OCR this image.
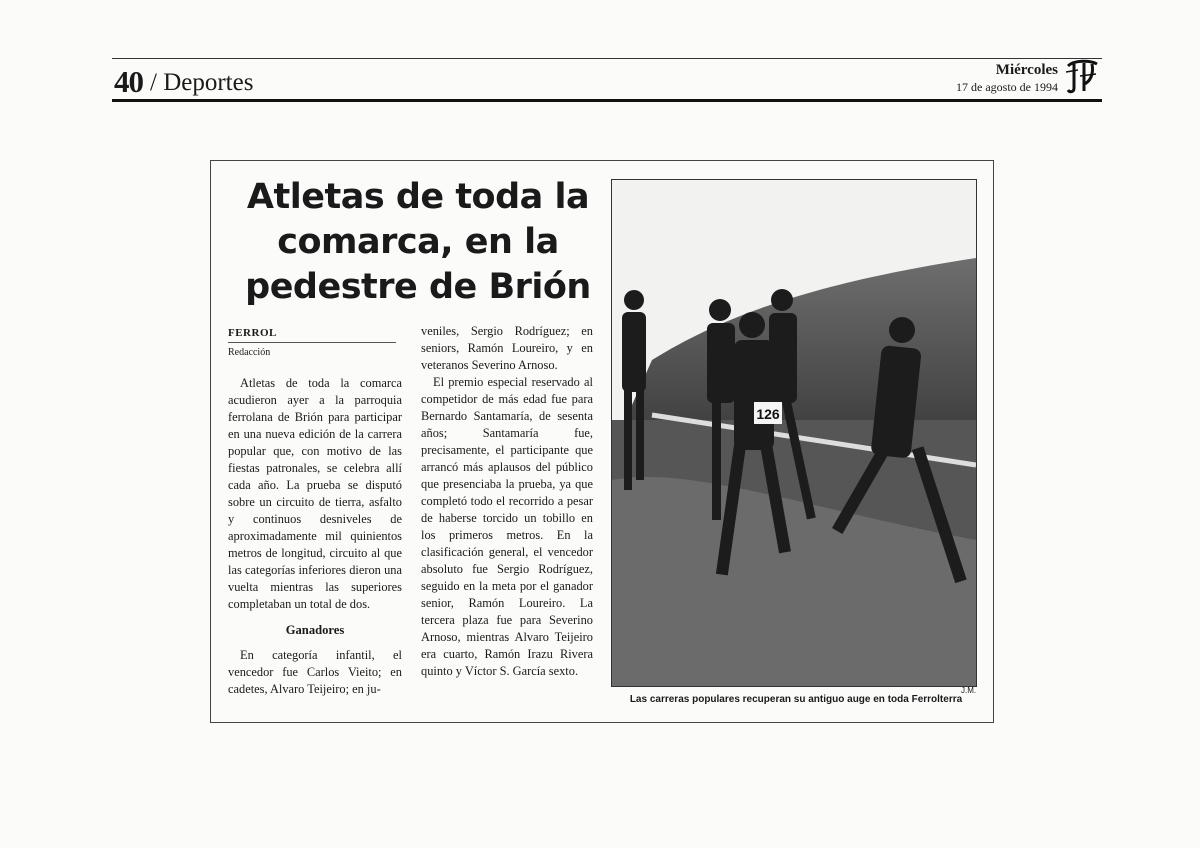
40 / Deportes	Miércoles
17 de agosto de 1994
Atletas de toda la
comarca, en la
pedestre de Brión
FERROL
Redacción

Atletas de toda la comarca acudieron ayer a la parroquia ferrolana de Brión para participar en una nueva edición de la carrera popular que, con motivo de las fiestas patronales, se celebra allí cada año. La prueba se disputó sobre un circuito de tierra, asfalto y continuos desniveles de aproximadamente mil quinientos metros de longitud, circuito al que las categorías inferiores dieron una vuelta mientras las superiores completaban un total de dos.

Ganadores

En categoría infantil, el vencedor fue Carlos Vieito; en cadetes, Alvaro Teijeiro; en ju-

veniles, Sergio Rodríguez; en seniors, Ramón Loureiro, y en veteranos Severino Arnoso.

El premio especial reservado al competidor de más edad fue para Bernardo Santamaría, de sesenta años; Santamaría fue, precisamente, el participante que arrancó más aplausos del público que presenciaba la prueba, ya que completó todo el recorrido a pesar de haberse torcido un tobillo en los primeros metros. En la clasificación general, el vencedor absoluto fue Sergio Rodríguez, seguido en la meta por el ganador senior, Ramón Loureiro. La tercera plaza fue para Severino Arnoso, mientras Alvaro Teijeiro era cuarto, Ramón Irazu Rivera quinto y Víctor S. García sexto.

126
J.M.
Las carreras populares recuperan su antiguo auge en toda Ferrolterra
